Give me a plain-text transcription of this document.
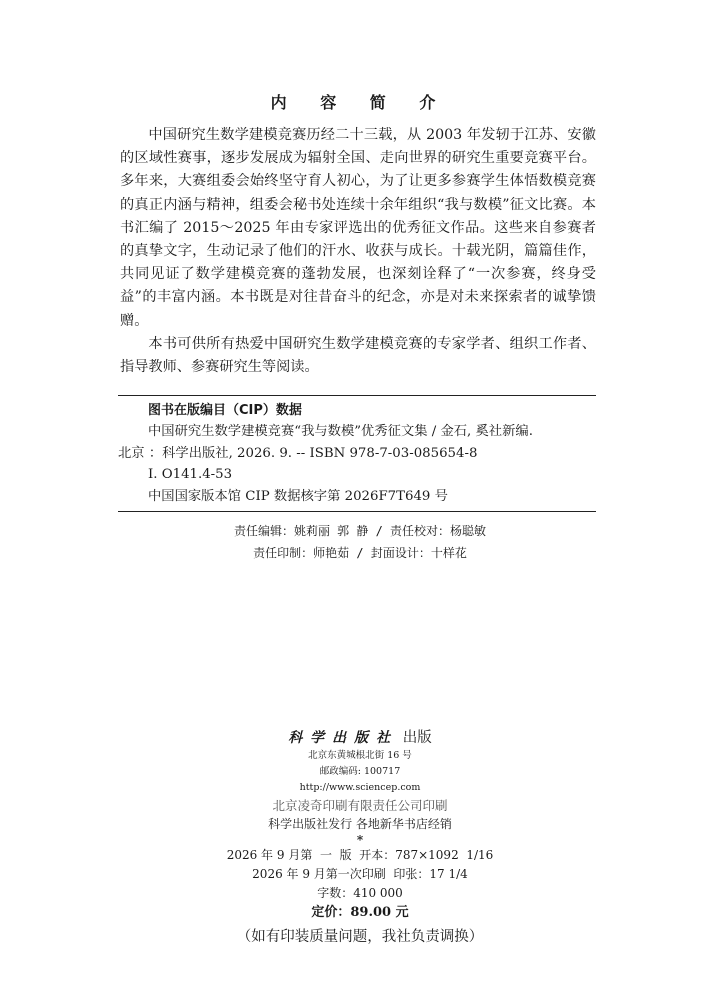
内 容 简 介

中国研究生数学建模竞赛历经二十三载，从 2003 年发轫于江苏、安徽的区域性赛事，逐步发展成为辐射全国、走向世界的研究生重要竞赛平台。多年来，大赛组委会始终坚守育人初心，为了让更多参赛学生体悟数模竞赛的真正内涵与精神，组委会秘书处连续十余年组织“我与数模”征文比赛。本书汇编了 2015～2025 年由专家评选出的优秀征文作品。这些来自参赛者的真挚文字，生动记录了他们的汗水、收获与成长。十载光阴，篇篇佳作，共同见证了数学建模竞赛的蓬勃发展，也深刻诠释了“一次参赛，终身受益”的丰富内涵。本书既是对往昔奋斗的纪念，亦是对未来探索者的诚挚馈赠。

本书可供所有热爱中国研究生数学建模竞赛的专家学者、组织工作者、指导教师、参赛研究生等阅读。

图书在版编目（CIP）数据
中国研究生数学建模竞赛“我与数模”优秀征文集 / 金石, 奚社新编.
北京 ：科学出版社, 2026. 9. -- ISBN 978-7-03-085654-8
Ⅰ. O141.4-53
中国国家版本馆 CIP 数据核字第 2026F7T649 号
责任编辑：姚莉丽 郭 静 / 责任校对：杨聪敏
责任印制：师艳茹 / 封面设计：十样花
科学出版社 出版
北京东黄城根北街 16 号
邮政编码: 100717
http://www.sciencep.com
北京凌奇印刷有限责任公司印刷
科学出版社发行 各地新华书店经销
*
2026 年 9 月第  一  版  开本：787×1092  1/16
2026 年 9 月第一次印刷  印张：17 1/4
字数：410 000
定价：89.00 元
（如有印装质量问题，我社负责调换）
